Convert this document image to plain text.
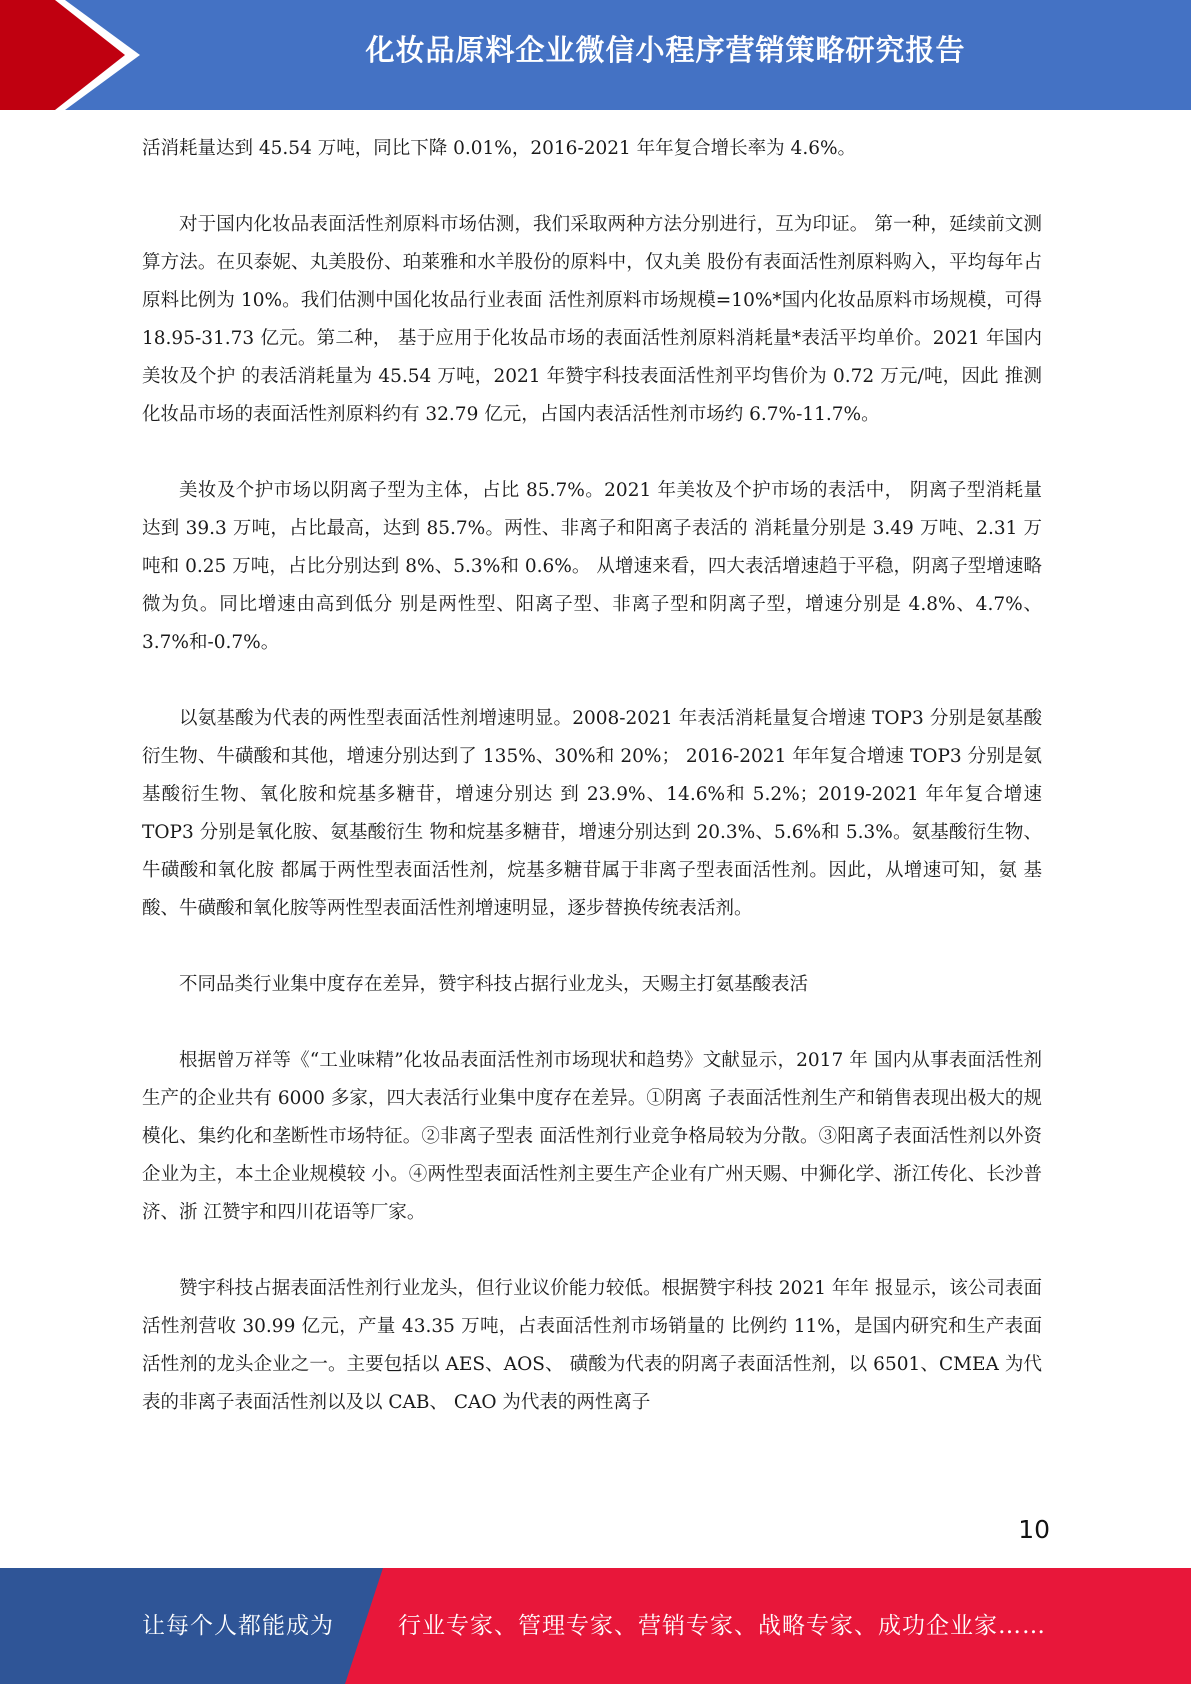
化妆品原料企业微信小程序营销策略研究报告

活消耗量达到 45.54 万吨，同比下降 0.01%，2016-2021 年年复合增长率为 4.6%。

对于国内化妆品表面活性剂原料市场估测，我们采取两种方法分别进行，互为印证。 第一种，延续前文测算方法。在贝泰妮、丸美股份、珀莱雅和水羊股份的原料中，仅丸美 股份有表面活性剂原料购入，平均每年占原料比例为 10%。我们估测中国化妆品行业表面 活性剂原料市场规模=10%*国内化妆品原料市场规模，可得 18.95-31.73 亿元。第二种， 基于应用于化妆品市场的表面活性剂原料消耗量*表活平均单价。2021 年国内美妆及个护 的表活消耗量为 45.54 万吨，2021 年赞宇科技表面活性剂平均售价为 0.72 万元/吨，因此 推测化妆品市场的表面活性剂原料约有 32.79 亿元，占国内表活活性剂市场约 6.7%-11.7%。

美妆及个护市场以阴离子型为主体，占比 85.7%。2021 年美妆及个护市场的表活中， 阴离子型消耗量达到 39.3 万吨，占比最高，达到 85.7%。两性、非离子和阳离子表活的 消耗量分别是 3.49 万吨、2.31 万吨和 0.25 万吨，占比分别达到 8%、5.3%和 0.6%。 从增速来看，四大表活增速趋于平稳，阴离子型增速略微为负。同比增速由高到低分 别是两性型、阳离子型、非离子型和阴离子型，增速分别是 4.8%、4.7%、3.7%和-0.7%。

以氨基酸为代表的两性型表面活性剂增速明显。2008-2021 年表活消耗量复合增速 TOP3 分别是氨基酸衍生物、牛磺酸和其他，增速分别达到了 135%、30%和 20%； 2016-2021 年年复合增速 TOP3 分别是氨基酸衍生物、氧化胺和烷基多糖苷，增速分别达 到 23.9%、14.6%和 5.2%；2019-2021 年年复合增速 TOP3 分别是氧化胺、氨基酸衍生 物和烷基多糖苷，增速分别达到 20.3%、5.6%和 5.3%。氨基酸衍生物、牛磺酸和氧化胺 都属于两性型表面活性剂，烷基多糖苷属于非离子型表面活性剂。因此，从增速可知，氨 基酸、牛磺酸和氧化胺等两性型表面活性剂增速明显，逐步替换传统表活剂。

不同品类行业集中度存在差异，赞宇科技占据行业龙头，天赐主打氨基酸表活

根据曾万祥等《“工业味精”化妆品表面活性剂市场现状和趋势》文献显示，2017 年 国内从事表面活性剂生产的企业共有 6000 多家，四大表活行业集中度存在差异。①阴离 子表面活性剂生产和销售表现出极大的规模化、集约化和垄断性市场特征。②非离子型表 面活性剂行业竞争格局较为分散。③阳离子表面活性剂以外资企业为主，本土企业规模较 小。④两性型表面活性剂主要生产企业有广州天赐、中狮化学、浙江传化、长沙普济、浙 江赞宇和四川花语等厂家。

赞宇科技占据表面活性剂行业龙头，但行业议价能力较低。根据赞宇科技 2021 年年 报显示，该公司表面活性剂营收 30.99 亿元，产量 43.35 万吨，占表面活性剂市场销量的 比例约 11%，是国内研究和生产表面活性剂的龙头企业之一。主要包括以 AES、AOS、 磺酸为代表的阴离子表面活性剂，以 6501、CMEA 为代表的非离子表面活性剂以及以 CAB、 CAO 为代表的两性离子

10
让每个人都能成为	行业专家、管理专家、营销专家、战略专家、成功企业家……
